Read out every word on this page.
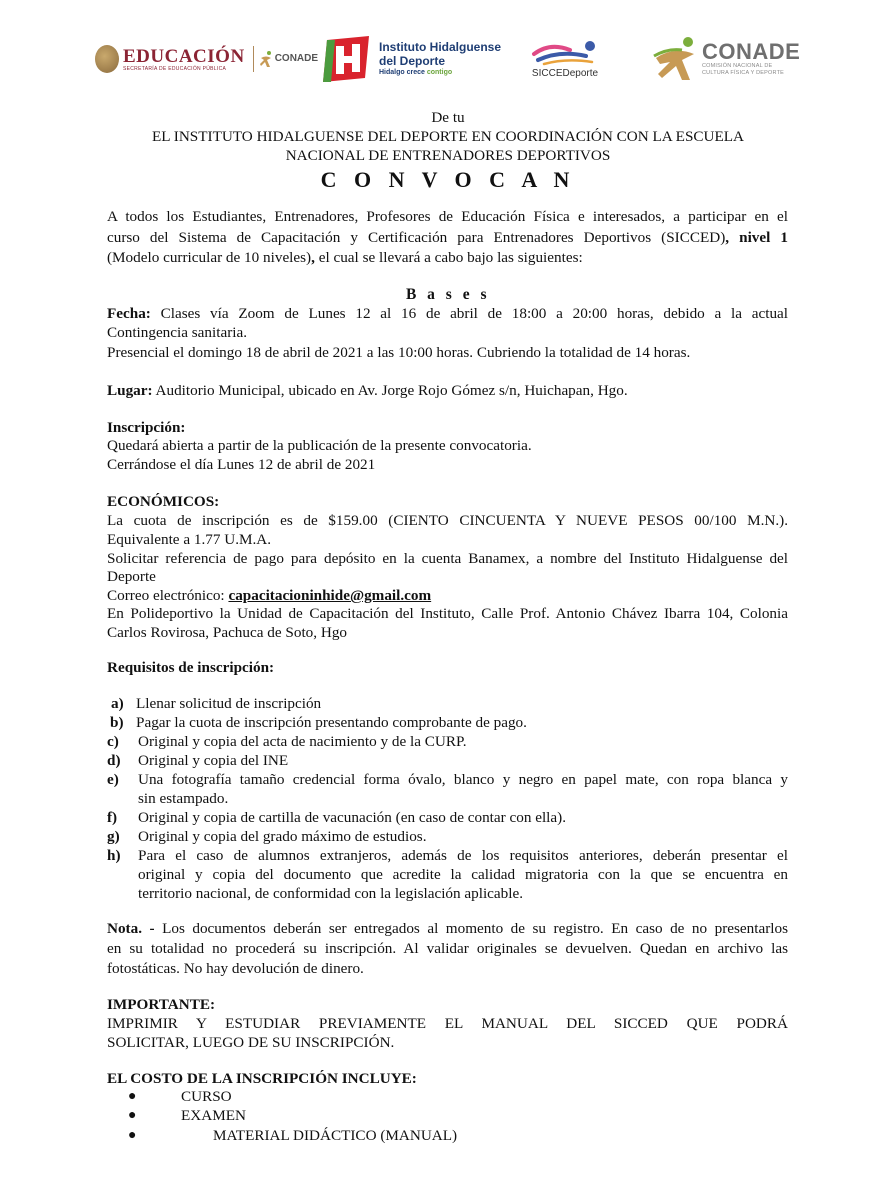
EDUCACIÓN
SECRETARÍA DE EDUCACIÓN PÚBLICA
CONADE
Instituto Hidalguense
del Deporte
Hidalgo crece contigo	SICCEDeporte
CONADE
COMISIÓN NACIONAL DE
CULTURA FÍSICA Y DEPORTE
De tu
EL INSTITUTO HIDALGUENSE DEL DEPORTE EN COORDINACIÓN CON LA ESCUELA
NACIONAL DE ENTRENADORES DEPORTIVOS
C O N V O C A N
A todos los Estudiantes, Entrenadores, Profesores de Educación Física e interesados, a participar en el
curso del Sistema de Capacitación y Certificación para Entrenadores Deportivos (SICCED), nivel 1
(Modelo curricular de 10 niveles), el cual se llevará a cabo bajo las siguientes:
B a s e s
Fecha: Clases vía Zoom de Lunes 12 al 16 de abril de 18:00 a 20:00 horas, debido a la actual
Contingencia sanitaria.
Presencial el domingo 18 de abril de 2021 a las 10:00 horas. Cubriendo la totalidad de 14 horas.
Lugar: Auditorio Municipal, ubicado en Av. Jorge Rojo Gómez s/n, Huichapan, Hgo.
Inscripción:
Quedará abierta a partir de la publicación de la presente convocatoria.
Cerrándose el día Lunes 12 de abril de 2021
ECONÓMICOS:
La cuota de inscripción es de $159.00 (CIENTO CINCUENTA Y NUEVE PESOS 00/100 M.N.).
Equivalente a 1.77 U.M.A.
Solicitar referencia de pago para depósito en la cuenta Banamex, a nombre del Instituto Hidalguense del
Deporte
Correo electrónico: capacitacioninhide@gmail.com
En Polideportivo la Unidad de Capacitación del Instituto, Calle Prof. Antonio Chávez Ibarra 104, Colonia
Carlos Rovirosa, Pachuca de Soto, Hgo
Requisitos de inscripción:
a) Llenar solicitud de inscripción
b) Pagar la cuota de inscripción presentando comprobante de pago.
c) Original y copia del acta de nacimiento y de la CURP.
d) Original y copia del INE
e) Una fotografía tamaño credencial forma óvalo, blanco y negro en papel mate, con ropa blanca y
sin estampado.
f) Original y copia de cartilla de vacunación (en caso de contar con ella).
g) Original y copia del grado máximo de estudios.
h) Para el caso de alumnos extranjeros, además de los requisitos anteriores, deberán presentar el
original y copia del documento que acredite la calidad migratoria con la que se encuentra en
territorio nacional, de conformidad con la legislación aplicable.
Nota. - Los documentos deberán ser entregados al momento de su registro. En caso de no presentarlos
en su totalidad no procederá su inscripción. Al validar originales se devuelven. Quedan en archivo las
fotostáticas. No hay devolución de dinero.
IMPORTANTE:
IMPRIMIR Y ESTUDIAR PREVIAMENTE EL MANUAL DEL SICCED QUE PODRÁ
SOLICITAR, LUEGO DE SU INSCRIPCIÓN.
EL COSTO DE LA INSCRIPCIÓN INCLUYE:
●	CURSO
●	EXAMEN
●	MATERIAL DIDÁCTICO (MANUAL)
